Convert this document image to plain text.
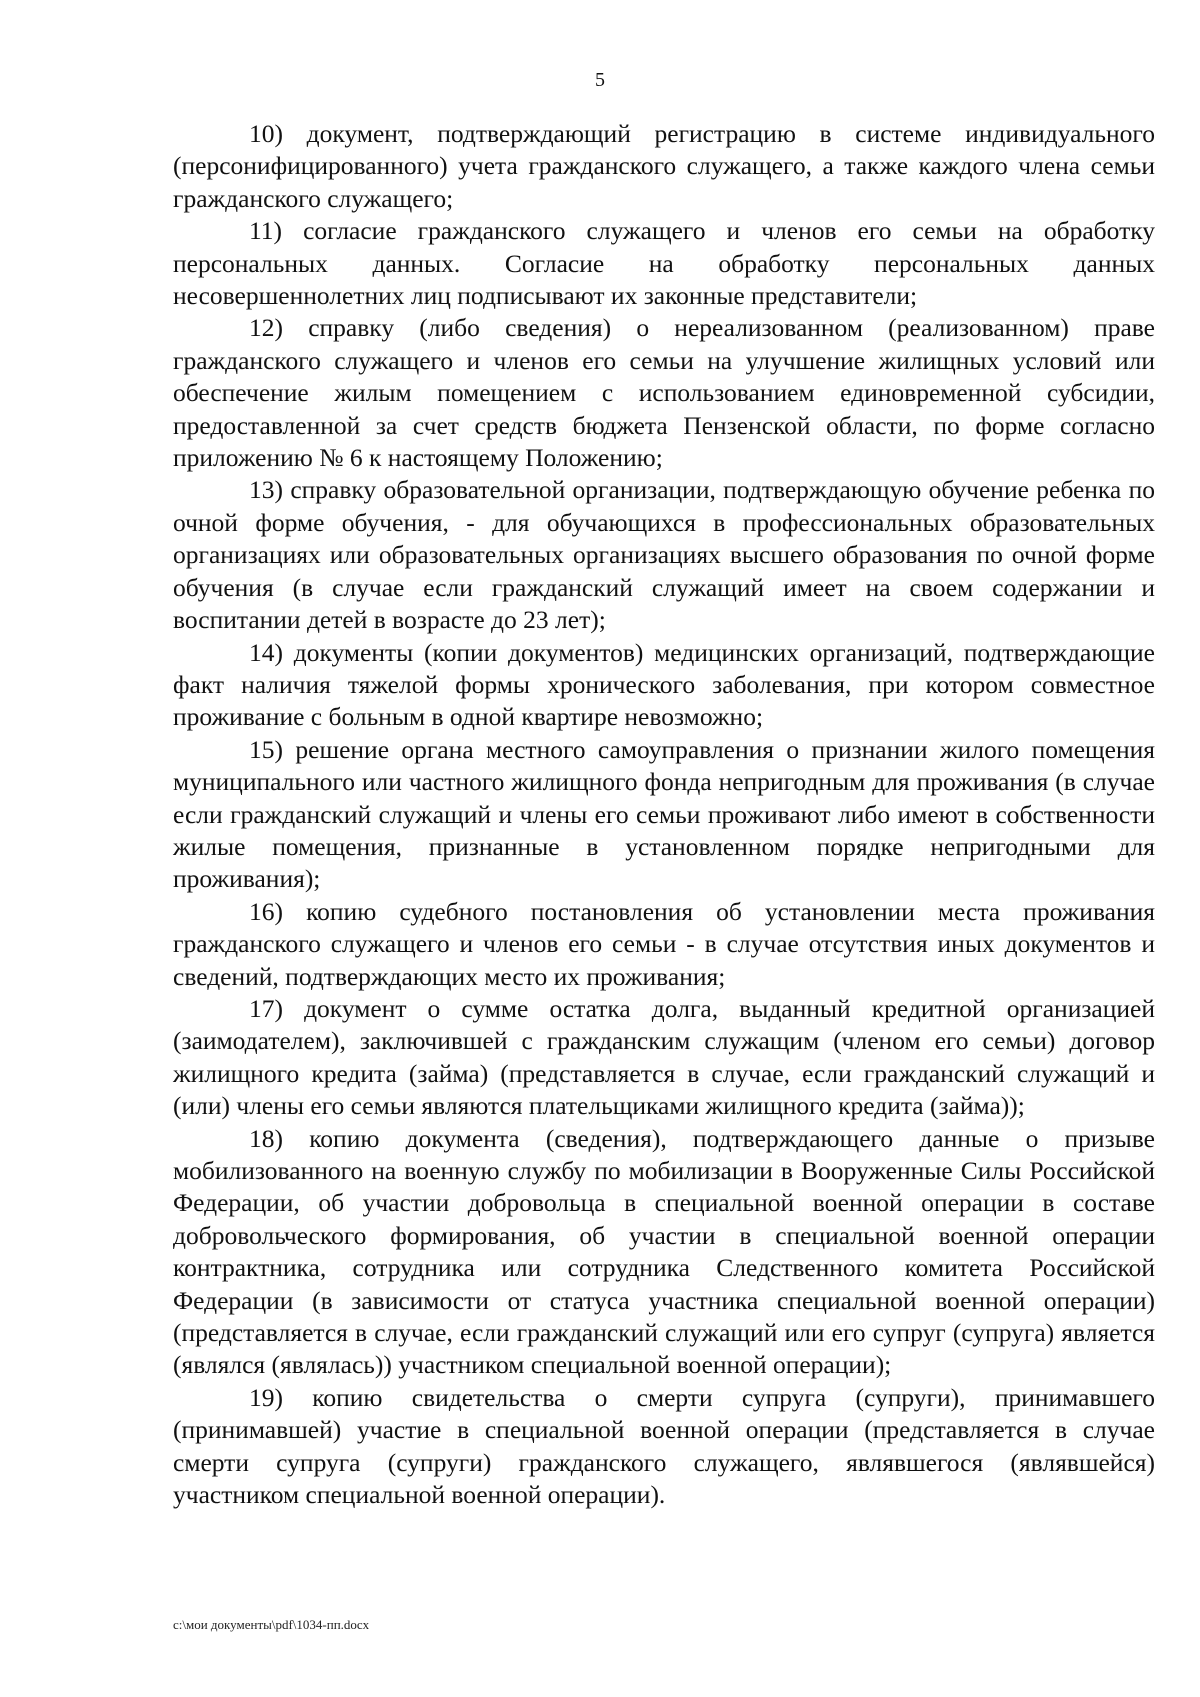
5

10) документ, подтверждающий регистрацию в системе индивидуального (персонифицированного) учета гражданского служащего, а также каждого члена семьи гражданского служащего;

11) согласие гражданского служащего и членов его семьи на обработку персональных данных. Согласие на обработку персональных данных несовершеннолетних лиц подписывают их законные представители;

12) справку (либо сведения) о нереализованном (реализованном) праве гражданского служащего и членов его семьи на улучшение жилищных условий или обеспечение жилым помещением с использованием единовременной субсидии, предоставленной за счет средств бюджета Пензенской области, по форме согласно приложению № 6 к настоящему Положению;

13) справку образовательной организации, подтверждающую обучение ребенка по очной форме обучения, - для обучающихся в профессиональных образовательных организациях или образовательных организациях высшего образования по очной форме обучения (в случае если гражданский служащий имеет на своем содержании и воспитании детей в возрасте до 23 лет);

14) документы (копии документов) медицинских организаций, подтверждающие факт наличия тяжелой формы хронического заболевания, при котором совместное проживание с больным в одной квартире невозможно;

15) решение органа местного самоуправления о признании жилого помещения муниципального или частного жилищного фонда непригодным для проживания (в случае если гражданский служащий и члены его семьи проживают либо имеют в собственности жилые помещения, признанные в установленном порядке непригодными для проживания);

16) копию судебного постановления об установлении места проживания гражданского служащего и членов его семьи - в случае отсутствия иных документов и сведений, подтверждающих место их проживания;

17) документ о сумме остатка долга, выданный кредитной организацией (заимодателем), заключившей с гражданским служащим (членом его семьи) договор жилищного кредита (займа) (представляется в случае, если гражданский служащий и (или) члены его семьи являются плательщиками жилищного кредита (займа));

18) копию документа (сведения), подтверждающего данные о призыве мобилизованного на военную службу по мобилизации в Вооруженные Силы Российской Федерации, об участии добровольца в специальной военной операции в составе добровольческого формирования, об участии в специальной военной операции контрактника, сотрудника или сотрудника Следственного комитета Российской Федерации (в зависимости от статуса участника специальной военной операции) (представляется в случае, если гражданский служащий или его супруг (супруга) является (являлся (являлась)) участником специальной военной операции);

19) копию свидетельства о смерти супруга (супруги), принимавшего (принимавшей) участие в специальной военной операции (представляется в случае смерти супруга (супруги) гражданского служащего, являвшегося (являвшейся) участником специальной военной операции).

c:\мои документы\pdf\1034-пп.docx
